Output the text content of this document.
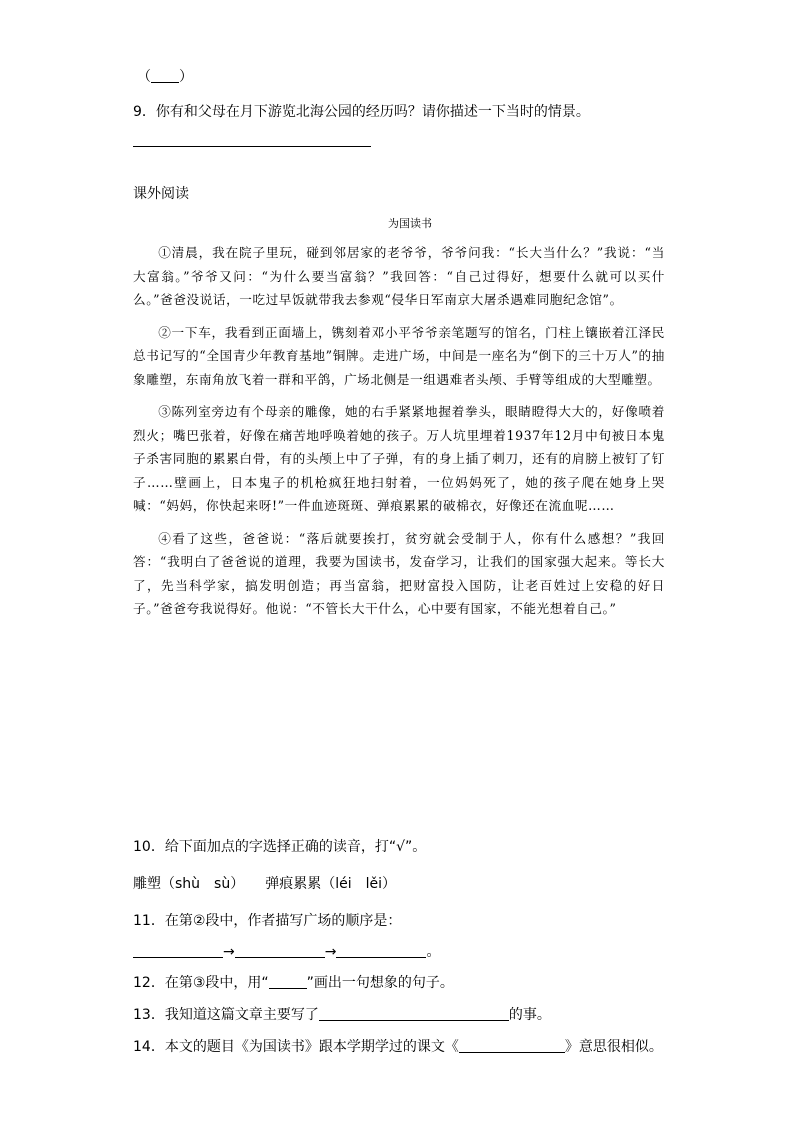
（ ）
9．你有和父母在月下游览北海公园的经历吗？请你描述一下当时的情景。
课外阅读
为国读书

①清晨，我在院子里玩，碰到邻居家的老爷爷，爷爷问我：“长大当什么？”我说：“当大富翁。”爷爷又问：“为什么要当富翁？”我回答：“自己过得好，想要什么就可以买什么。”爸爸没说话，一吃过早饭就带我去参观“侵华日军南京大屠杀遇难同胞纪念馆”。

②一下车，我看到正面墙上，镌刻着邓小平爷爷亲笔题写的馆名，门柱上镶嵌着江泽民总书记写的“全国青少年教育基地”铜牌。走进广场，中间是一座名为“倒下的三十万人”的抽象雕塑，东南角放飞着一群和平鸽，广场北侧是一组遇难者头颅、手臂等组成的大型雕塑。

③陈列室旁边有个母亲的雕像，她的右手紧紧地握着拳头，眼睛瞪得大大的，好像喷着烈火；嘴巴张着，好像在痛苦地呼唤着她的孩子。万人坑里埋着1937年12月中旬被日本鬼子杀害同胞的累累白骨，有的头颅上中了子弹，有的身上插了刺刀，还有的肩膀上被钉了钉子……壁画上，日本鬼子的机枪疯狂地扫射着，一位妈妈死了，她的孩子爬在她身上哭喊：“妈妈，你快起来呀!”一件血迹斑斑、弹痕累累的破棉衣，好像还在流血呢……

④看了这些，爸爸说：“落后就要挨打，贫穷就会受制于人，你有什么感想？”我回答：“我明白了爸爸说的道理，我要为国读书，发奋学习，让我们的国家强大起来。等长大了，先当科学家，搞发明创造；再当富翁，把财富投入国防，让老百姓过上安稳的好日子。”爸爸夸我说得好。他说：“不管长大干什么，心中要有国家，不能光想着自己。”

10．给下面加点的字选择正确的读音，打“√”。
雕塑（shù　sù）　　弹痕累累（léi　lěi）
11．在第②段中，作者描写广场的顺序是：
→	→	。
12．在第③段中，用“	”画出一句想象的句子。
13．我知道这篇文章主要写了	的事。
14．本文的题目《为国读书》跟本学期学过的课文《	》意思很相似。
